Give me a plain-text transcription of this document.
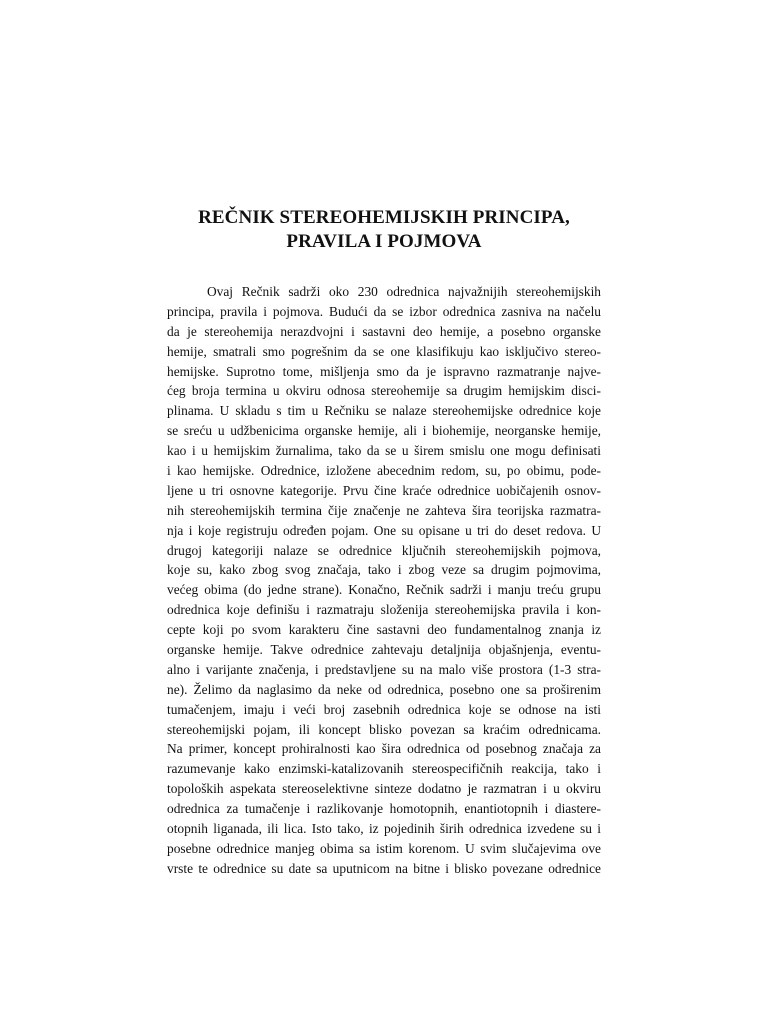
REČNIK STEREOHEMIJSKIH PRINCIPA,
PRAVILA I POJMOVA
Ovaj Rečnik sadrži oko 230 odrednica najvažnijih stereohemijskih
principa, pravila i pojmova. Budući da se izbor odrednica zasniva na načelu
da je stereohemija nerazdvojni i sastavni deo hemije, a posebno organske
hemije, smatrali smo pogrešnim da se one klasifikuju kao isključivo stereo-
hemijske. Suprotno tome, mišljenja smo da je ispravno razmatranje najve-
ćeg broja termina u okviru odnosa stereohemije sa drugim hemijskim disci-
plinama. U skladu s tim u Rečniku se nalaze stereohemijske odrednice koje
se sreću u udžbenicima organske hemije, ali i biohemije, neorganske hemije,
kao i u hemijskim žurnalima, tako da se u širem smislu one mogu definisati
i kao hemijske. Odrednice, izložene abecednim redom, su, po obimu, pode-
ljene u tri osnovne kategorije. Prvu čine kraće odrednice uobičajenih osnov-
nih stereohemijskih termina čije značenje ne zahteva šira teorijska razmatra-
nja i koje registruju određen pojam. One su opisane u tri do deset redova. U
drugoj kategoriji nalaze se odrednice ključnih stereohemijskih pojmova,
koje su, kako zbog svog značaja, tako i zbog veze sa drugim pojmovima,
većeg obima (do jedne strane). Konačno, Rečnik sadrži i manju treću grupu
odrednica koje definišu i razmatraju složenija stereohemijska pravila i kon-
cepte koji po svom karakteru čine sastavni deo fundamentalnog znanja iz
organske hemije. Takve odrednice zahtevaju detaljnija objašnjenja, eventu-
alno i varijante značenja, i predstavljene su na malo više prostora (1-3 stra-
ne). Želimo da naglasimo da neke od odrednica, posebno one sa proširenim
tumačenjem, imaju i veći broj zasebnih odrednica koje se odnose na isti
stereohemijski pojam, ili koncept blisko povezan sa kraćim odrednicama.
Na primer, koncept prohiralnosti kao šira odrednica od posebnog značaja za
razumevanje kako enzimski-katalizovanih stereospecifičnih reakcija, tako i
topoloških aspekata stereoselektivne sinteze dodatno je razmatran i u okviru
odrednica za tumačenje i razlikovanje homotopnih, enantiotopnih i diastere-
otopnih liganada, ili lica. Isto tako, iz pojedinih širih odrednica izvedene su i
posebne odrednice manjeg obima sa istim korenom. U svim slučajevima ove
vrste te odrednice su date sa uputnicom na bitne i blisko povezane odrednice
